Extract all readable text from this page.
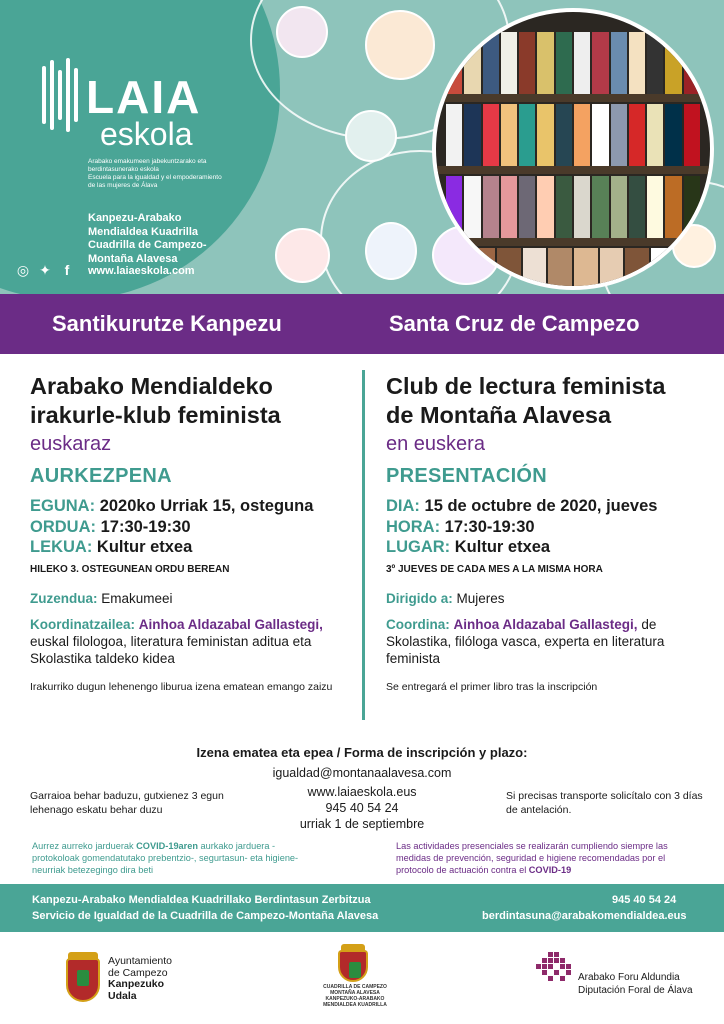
LAIA
eskola
Arabako emakumeen jabekuntzarako eta
berdintasunerako eskola
Escuela para la igualdad y el empoderamiento
de las mujeres de Álava
Kanpezu-Arabako
Mendialdea Kuadrilla
Cuadrilla de Campezo-
Montaña Alavesa
www.laiaeskola.com
◎ ✦ f
Santikurutze Kanpezu	Santa Cruz de Campezo
Arabako Mendialdeko
irakurle-klub feminista
euskaraz
AURKEZPENA
EGUNA: 2020ko Urriak 15, osteguna
ORDUA: 17:30-19:30
LEKUA: Kultur etxea
HILEKO 3. OSTEGUNEAN ORDU BEREAN
Zuzendua: Emakumeei
Koordinatzailea: Ainhoa Aldazabal Gallastegi, euskal filologoa, literatura feministan aditua eta Skolastika taldeko kidea
Irakurriko dugun lehenengo liburua izena ematean emango zaizu
Club de lectura feminista
de Montaña Alavesa
en euskera
PRESENTACIÓN
DIA: 15 de octubre de 2020, jueves
HORA: 17:30-19:30
LUGAR: Kultur etxea
3º JUEVES DE CADA MES A LA MISMA HORA
Dirigido a: Mujeres
Coordina: Ainhoa Aldazabal Gallastegi, de Skolastika, filóloga vasca, experta en literatura feminista
Se entregará el primer libro tras la inscripción
Izena ematea eta epea / Forma de inscripción y plazo:
igualdad@montanaalavesa.com
www.laiaeskola.eus
945 40 54 24
urriak 1 de septiembre
Garraioa behar baduzu, gutxienez 3 egun lehenago eskatu behar duzu
Si precisas transporte solicítalo con 3 días de antelación.
Aurrez aurreko jarduerak COVID-19aren aurkako jarduera - protokoloak gomendatutako prebentzio-, segurtasun- eta higiene-neurriak betezegingo dira beti
Las actividades presenciales se realizarán cumpliendo siempre las medidas de prevención, seguridad e higiene recomendadas por el protocolo de actuación contra el COVID-19
Kanpezu-Arabako Mendialdea Kuadrillako Berdintasun Zerbitzua
Servicio de Igualdad de la Cuadrilla de Campezo-Montaña Alavesa
945 40 54 24
berdintasuna@arabakomendialdea.eus
Ayuntamiento
de Campezo
Kanpezuko
Udala
CUADRILLA DE CAMPEZO
MONTAÑA ALAVESA
KANPEZUKO-ARABAKO
MENDIALDEA KUADRILLA
Arabako Foru Aldundia
Diputación Foral de Álava
